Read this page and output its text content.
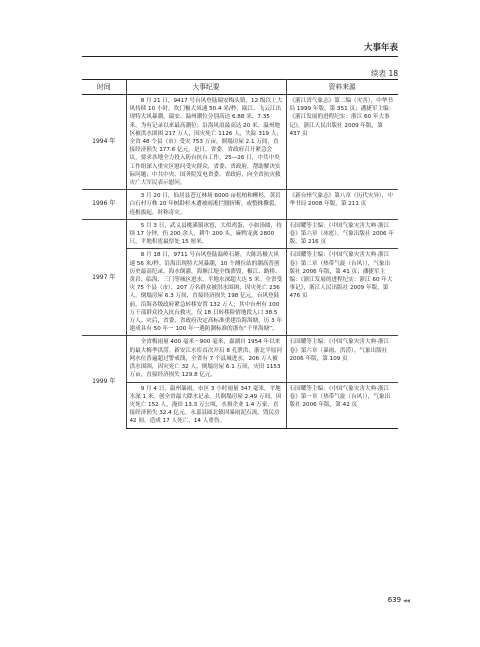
大事年表
续表 18
时间	大事纪要	资料来源
1994 年	8 月 21 日，9417 号台风登陆瑞安梅头镇，12 级以上大风持续 10 小时，坎门极大风速 50.4 米/秒，瓯江、飞云江出现特大风暴潮，瑞安、温州潮位分别高达 6.88 米、7.35 米，为有记录以来最高潮位；沿海风浪最高达 20 米。温州地区被洪水围困 217 万人，因灾死亡 1126 人，失踪 319 人；全省 48 个县（市）受灾 753 万亩，倒塌房屋 2.1 万间，直接经济损失 177.6 亿元。是日，省委、省政府召开紧急会议，要求各地全力投入防台抗台工作。25—26 日，中共中央工作组深入重灾区慰问受灾群众，省委、省政府，帮助解决实际问题；中共中央、国务院发电省委、省政府，向全省抗灾救灾广大军民表示慰问。	《浙江省气象志》第二编（灾害），中华书局 1999 年版，第 351 页；潘捷军主编：《浙江发展的进程纪实：浙江 60 年大事记》，浙江人民出版社 2009 年版，第 437 页
1996 年	3 月 20 日，仙居县苍辽林场 6000 亩松柏和柳杉，黄岩白石村万株 20 年树龄杉木遭被雨凇拦腰折断，或整株撕裂，连根拔起。时称奇灾。	《新台州气象志》第八章（历代灾异），中华书局 2008 年版，第 211 页
1997 年	5 月 3 日，武义县桃溪镇冰雹，大似鸡蛋，小如汤圆，持续 17 分钟，伤 200 余人，耕牛 200 头，麻鸭宠禽 2800 只，平地积雹最厚处 15 厘米。	石国耀等主编：《中国气象灾害大典·浙江卷》第六章（冰雹），气象出版社 2006 年版，第 216 页
	8 月 18 日，9711 号台风登陆温岭石塘，大陈岛极大风速 56 米/秒。沿海出现特大风暴潮，10 个测位站的潮高普创历史最高纪录，海水倒灌，海塘江堤全线溃毁，椒江、路桥、黄岩、临海、三门等城区进水，平地水深超大达 5 米。全省受灾 75 个县（市），207 万名群众被洪水围困，因灾死亡 236 人，倒塌房屋 6.3 万间，直接经济损失 198 亿元。台风登陆前，沿海各级政府紧急转移安置 132 万人；其中台州有 100 万干部群众投入抗台救灾，仅 18 日转移险情地段人口 38.5 万人。灾后，省委、省政府决定高标准重建沿海海塘，历 3 年建成具有 50 年一 100 年一遇防潮标准的浙东“千里海塘”。	石国耀等主编：《中国气象灾害大典·浙江卷》第二章（热带气旋（台风）），气象出版社 2006 年版，第 41 页；潘捷军主编：《浙江发展的进程纪实：浙江 60 年大事记》，浙江人民出版社 2009 年版，第 476 页
1999 年	全省梅雨量 400 毫米～900 毫米，嘉湖自 1954 年以来的最大梅季洪涝。新安江水库首次开启 8 孔泄洪，浙北平原河网水位普遍超过警戒线，全省有 7 个县城进水，206 万人被洪水围困，因灾死亡 32 人，倒塌房屋 6.1 万间，灾田 1153 万亩，直接经济损失 129.8 亿元。	石国耀等主编：《中国气象灾害大典·浙江卷》第六章（暴雨、洪涝），气象出版社 2006 年版，第 109 页
	9 月 4 日，温州暴雨，市区 3 小时雨量 347 毫米，平地水深 1 米，创全省最大降水记录，共倒塌房屋 2.49 万间，因灾死亡 152 人，淹田 13.3 万公顷，水损企业 1.4 万家，直接经济损失 32.4 亿元。永嘉县瓯北镇因暴雨泥石流，毁民房 42 间，造成 17 人死亡，14 人重伤。	石国耀等主编：《中国气象灾害大典·浙江卷》第一章（热带气旋（台风）），气象出版社 2006 年版，第 42 页
639 ◀◀
